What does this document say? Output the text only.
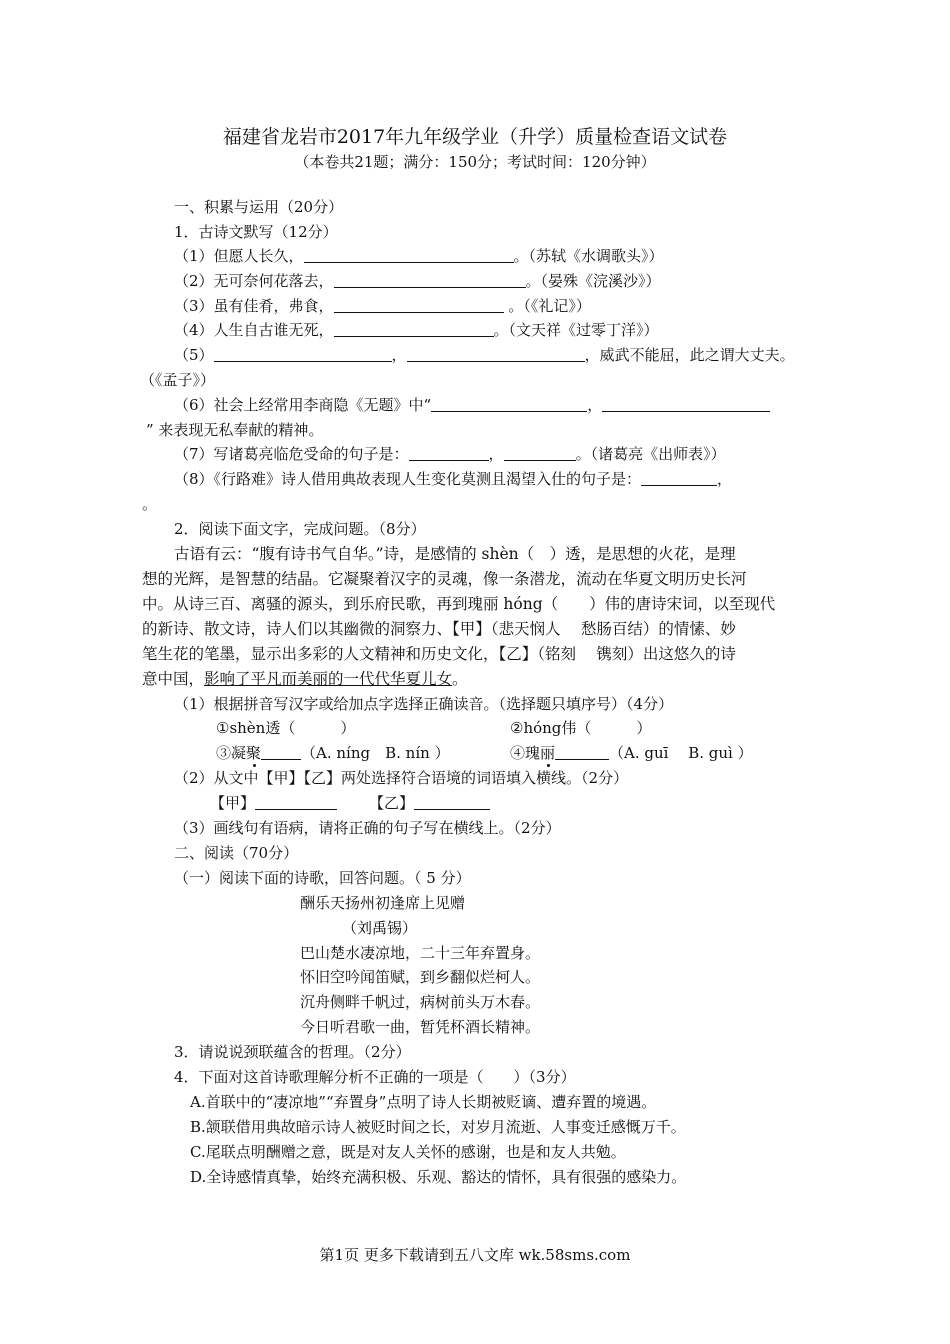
福建省龙岩市2017年九年级学业（升学）质量检查语文试卷
（本卷共21题；满分：150分；考试时间：120分钟）
一、积累与运用（20分）
1．古诗文默写（12分）
（1）但愿人长久，	。（苏轼《水调歌头》）
（2）无可奈何花落去，	。（晏殊《浣溪沙》）
（3）虽有佳肴，弗食，	。（《礼记》）
（4）人生自古谁无死，	。（文天祥《过零丁洋》）
（5）	，	，威武不能屈，此之谓大丈夫。
（《孟子》）
（6）社会上经常用李商隐《无题》中“	，
” 来表现无私奉献的精神。
（7）写诸葛亮临危受命的句子是：	，	。（诸葛亮《出师表》）
（8）《行路难》诗人借用典故表现人生变化莫测且渴望入仕的句子是：	，
。
2．阅读下面文字，完成问题。（8分）
古语有云：“腹有诗书气自华。”诗，是感情的 shèn（　）透，是思想的火花，是理
想的光辉，是智慧的结晶。它凝聚着汉字的灵魂，像一条潜龙，流动在华夏文明历史长河
中。从诗三百、离骚的源头，到乐府民歌，再到瑰丽 hóng（　　）伟的唐诗宋词，以至现代
的新诗、散文诗，诗人们以其幽微的洞察力、【甲】（悲天悯人　 愁肠百结）的情愫、妙
笔生花的笔墨，显示出多彩的人文精神和历史文化，【乙】（铭刻　 镌刻）出这悠久的诗
意中国，影响了平凡而美丽的一代代华夏儿女。
（1）根据拼音写汉字或给加点字选择正确读音。（选择题只填序号）（4分）
①shèn透（　　　）	②hóng伟（　　　）
③凝聚	（A. níng　B. nín ）	④瑰丽	（A. guī　 B. guì ）
（2）从文中【甲】【乙】两处选择符合语境的词语填入横线。（2分）
【甲】	【乙】
（3）画线句有语病，请将正确的句子写在横线上。（2分）
二、阅读（70分）
（一）阅读下面的诗歌，回答问题。（ 5 分）
酬乐天扬州初逢席上见赠
（刘禹锡）
巴山楚水凄凉地，二十三年弃置身。
怀旧空吟闻笛赋，到乡翻似烂柯人。
沉舟侧畔千帆过，病树前头万木春。
今日听君歌一曲，暂凭杯酒长精神。
3．请说说颈联蕴含的哲理。（2分）
4．下面对这首诗歌理解分析不正确的一项是（　　）（3分）
A.首联中的“凄凉地”“弃置身”点明了诗人长期被贬谪、遭弃置的境遇。
B.颔联借用典故暗示诗人被贬时间之长，对岁月流逝、人事变迁感慨万千。
C.尾联点明酬赠之意，既是对友人关怀的感谢，也是和友人共勉。
D.全诗感情真挚，始终充满积极、乐观、豁达的情怀，具有很强的感染力。
第1页 更多下载请到五八文库 wk.58sms.com
